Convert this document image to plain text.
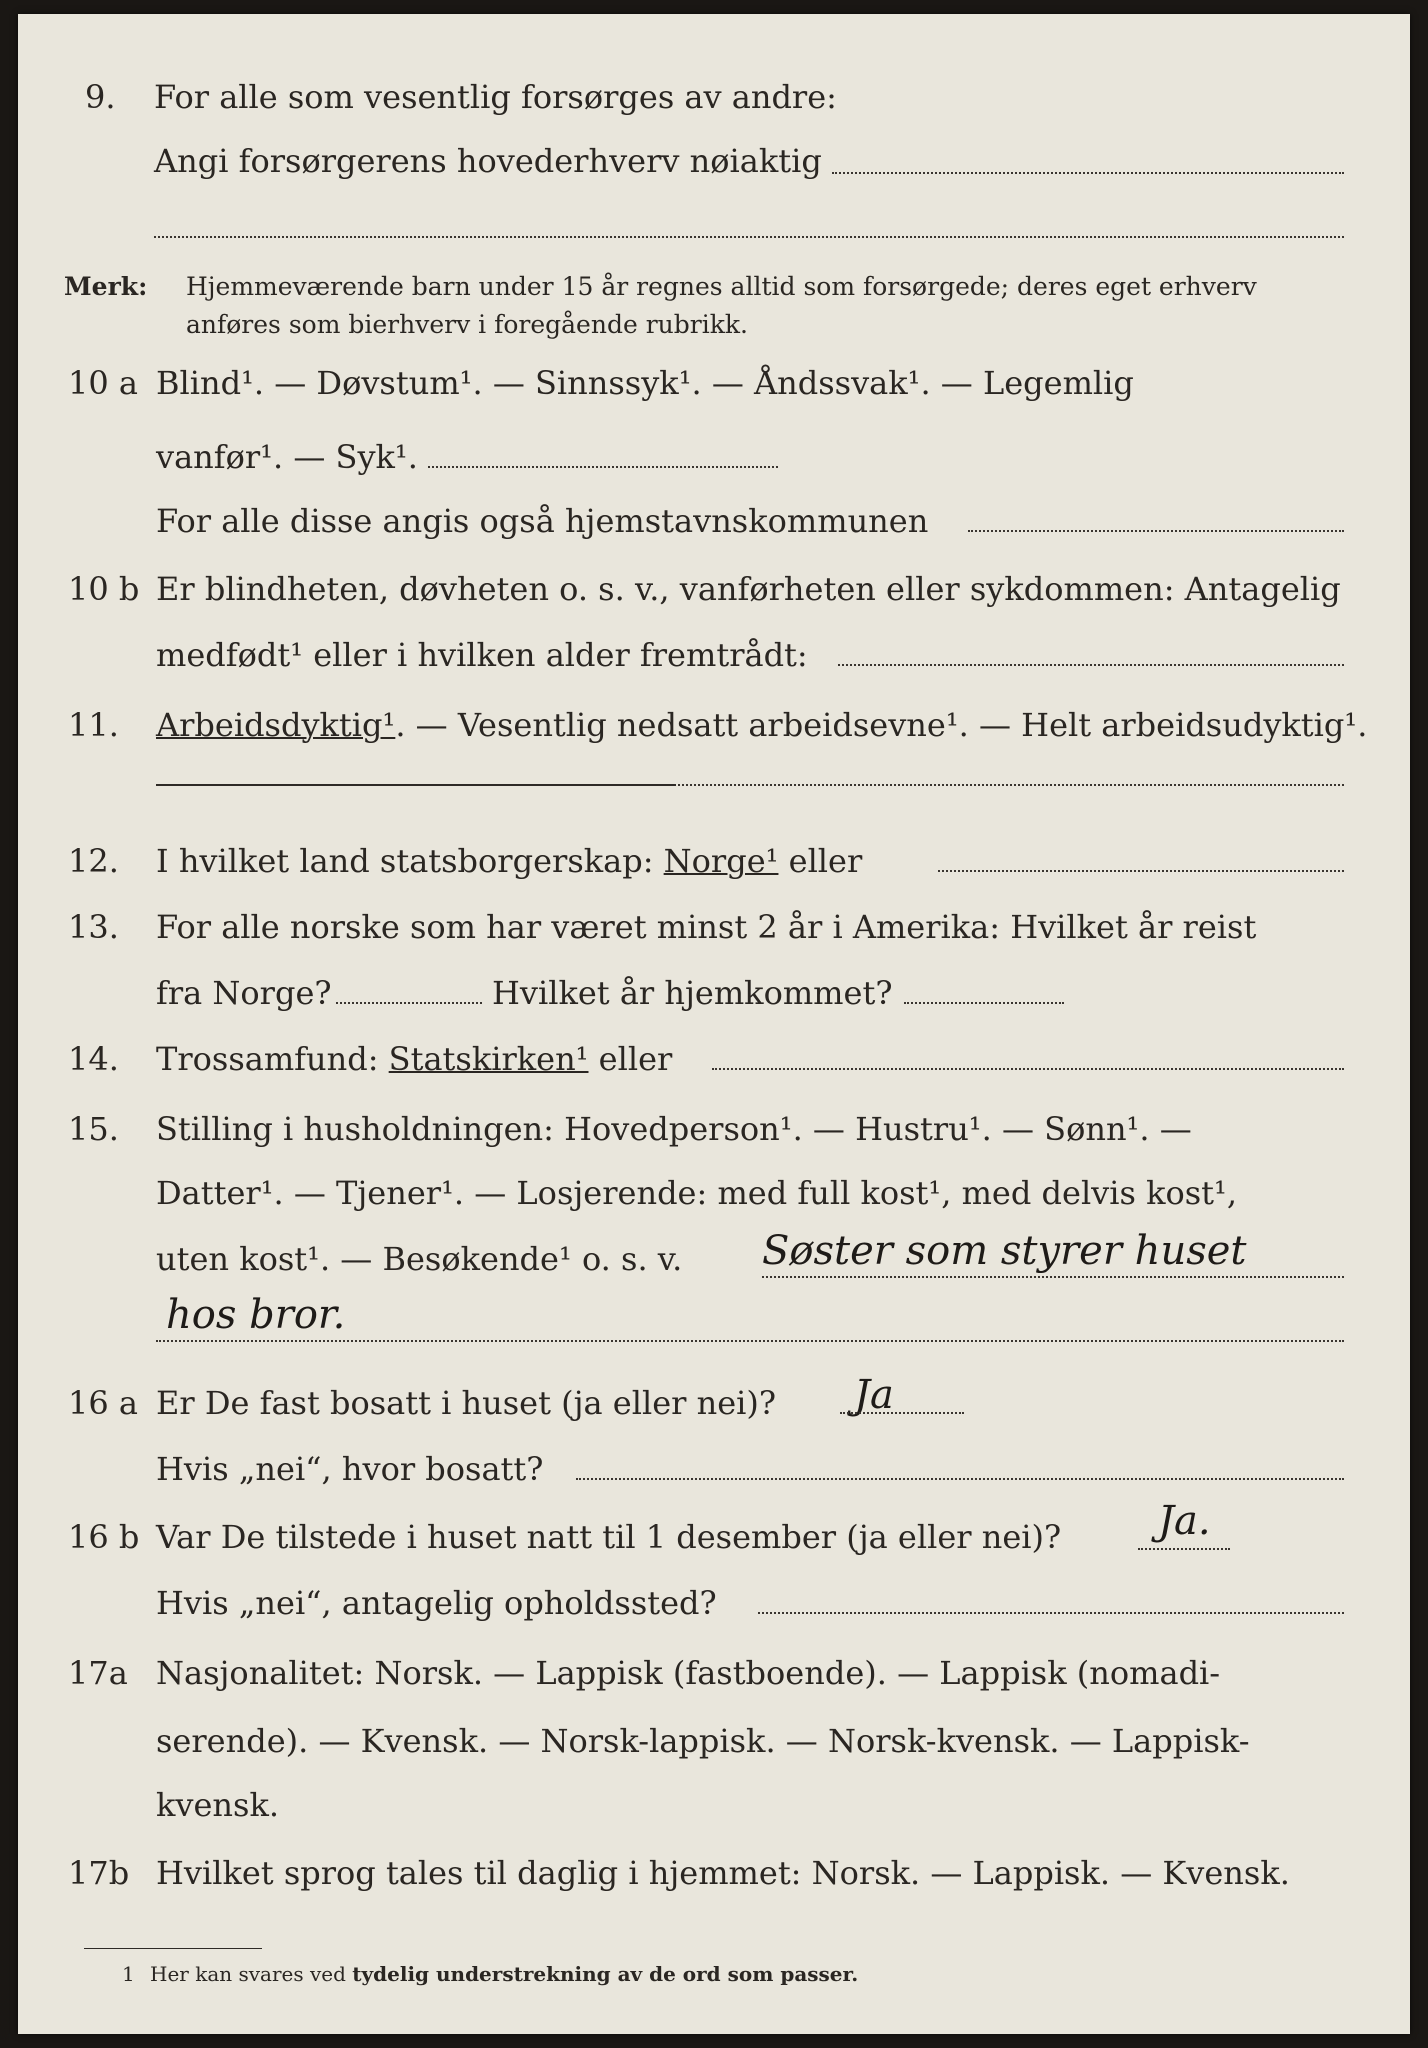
9. For alle som vesentlig forsørges av andre:
Angi forsørgerens hovederhverv nøiaktig
Merk: Hjemmeværende barn under 15 år regnes alltid som forsørgede; deres eget erhverv
anføres som bierhverv i foregående rubrikk.
10 a Blind¹. — Døvstum¹. — Sinnssyk¹. — Åndssvak¹. — Legemlig
vanfør¹. — Syk¹.
For alle disse angis også hjemstavnskommunen
10 b Er blindheten, døvheten o. s. v., vanførheten eller sykdommen: Antagelig
medfødt¹ eller i hvilken alder fremtrådt:
11. Arbeidsdyktig¹. — Vesentlig nedsatt arbeidsevne¹. — Helt arbeidsudyktig¹.
12. I hvilket land statsborgerskap: Norge¹ eller
13. For alle norske som har været minst 2 år i Amerika: Hvilket år reist
fra Norge?	Hvilket år hjemkommet?
14. Trossamfund: Statskirken¹ eller
15. Stilling i husholdningen: Hovedperson¹. — Hustru¹. — Sønn¹. —
Datter¹. — Tjener¹. — Losjerende: med full kost¹, med delvis kost¹,
uten kost¹. — Besøkende¹ o. s. v. Søster som styrer huset
hos bror.
16 a Er De fast bosatt i huset (ja eller nei)? Ja
Hvis „nei“, hvor bosatt?
16 b Var De tilstede i huset natt til 1 desember (ja eller nei)? Ja.
Hvis „nei“, antagelig opholdssted?
17a Nasjonalitet: Norsk. — Lappisk (fastboende). — Lappisk (nomadi-
serende). — Kvensk. — Norsk-lappisk. — Norsk-kvensk. — Lappisk-
kvensk.
17b Hvilket sprog tales til daglig i hjemmet: Norsk. — Lappisk. — Kvensk.
1 Her kan svares ved tydelig understrekning av de ord som passer.
